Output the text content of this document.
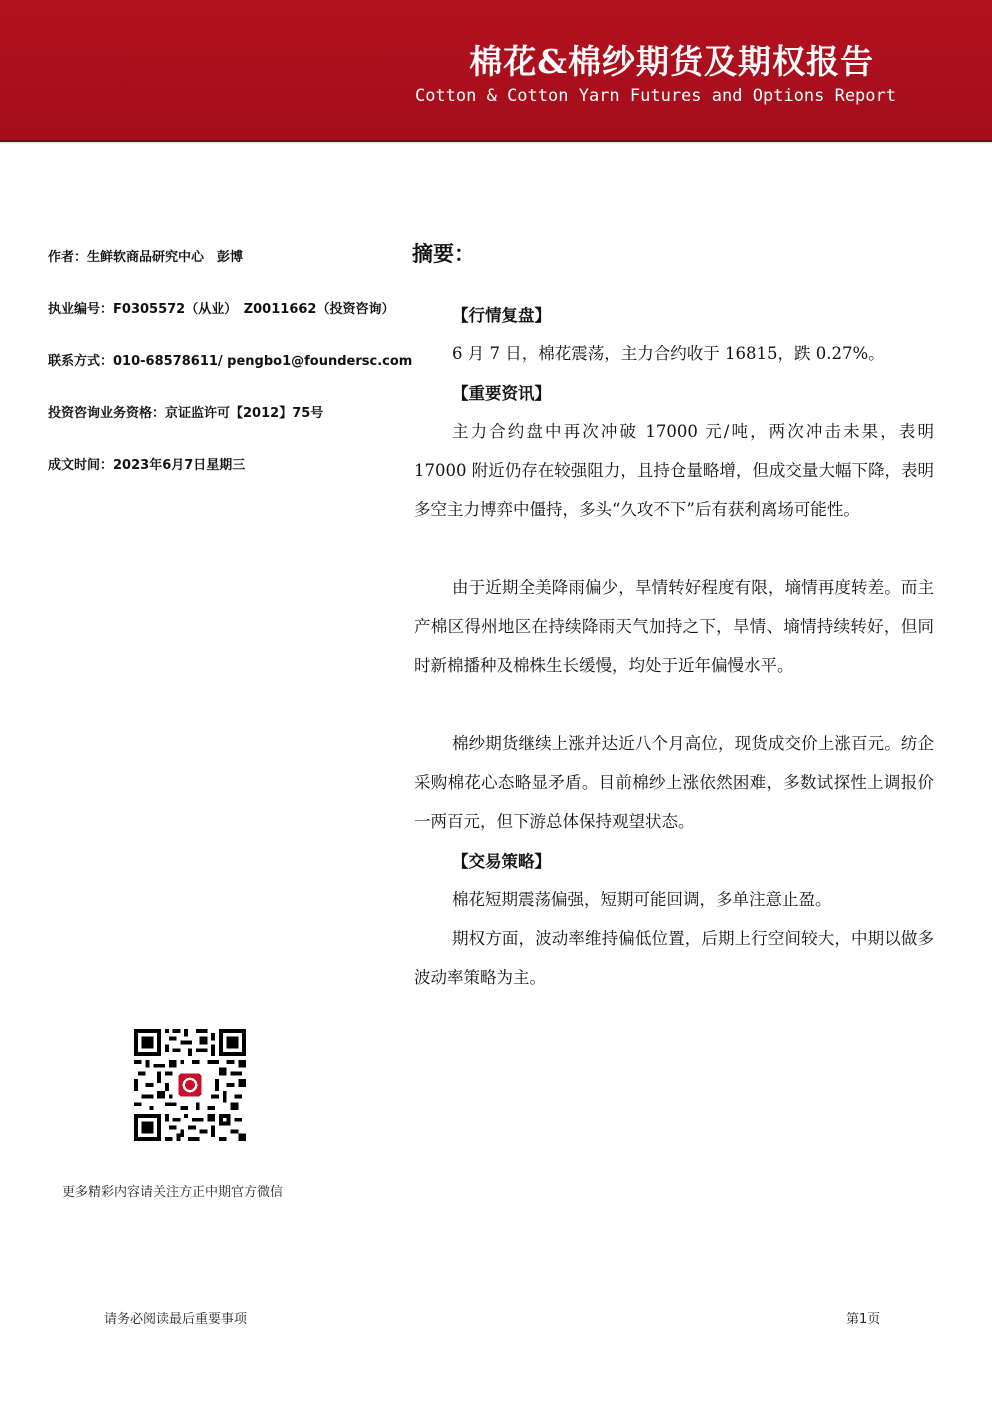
棉花&棉纱期货及期权报告
Cotton & Cotton Yarn Futures and Options Report
作者：生鲜软商品研究中心　彭博
执业编号：F0305572（从业）　Z0011662（投资咨询）
联系方式：010-68578611/ pengbo1@foundersc.com
投资咨询业务资格：京证监许可【2012】75号
成文时间：2023年6月7日星期三
摘要：
【行情复盘】
6 月 7 日，棉花震荡，主力合约收于 16815，跌 0.27%。
【重要资讯】
主力合约盘中再次冲破 17000 元/吨，两次冲击未果，表明 17000 附近仍存在较强阻力，且持仓量略增，但成交量大幅下降，表明多空主力博弈中僵持，多头“久攻不下”后有获利离场可能性。
由于近期全美降雨偏少，旱情转好程度有限，墒情再度转差。而主产棉区得州地区在持续降雨天气加持之下，旱情、墒情持续转好，但同时新棉播种及棉株生长缓慢，均处于近年偏慢水平。
棉纱期货继续上涨并达近八个月高位，现货成交价上涨百元。纺企采购棉花心态略显矛盾。目前棉纱上涨依然困难，多数试探性上调报价一两百元，但下游总体保持观望状态。
【交易策略】
棉花短期震荡偏强，短期可能回调，多单注意止盈。
期权方面，波动率维持偏低位置，后期上行空间较大，中期以做多波动率策略为主。
更多精彩内容请关注方正中期官方微信
请务必阅读最后重要事项	第1页
